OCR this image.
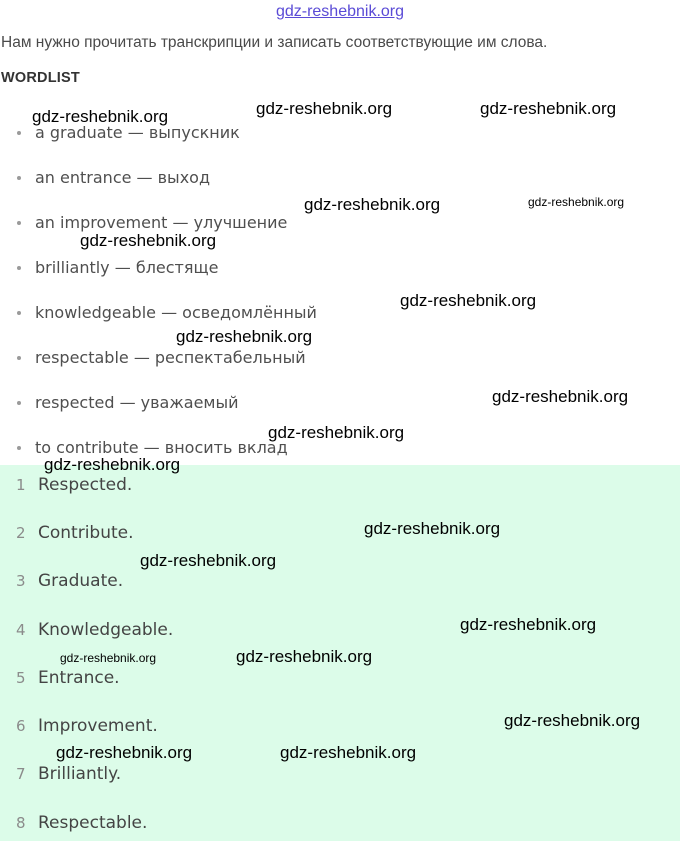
gdz-reshebnik.org
Нам нужно прочитать транскрипции и записать соответствующие им слова.
WORDLIST
a graduate — выпускник
an entrance — выход
an improvement — улучшение
brilliantly — блестяще
knowledgeable — осведомлённый
respectable — респектабельный
respected — уважаемый
to contribute — вносить вклад
1 Respected.
2 Contribute.
3 Graduate.
4 Knowledgeable.
5 Entrance.
6 Improvement.
7 Brilliantly.
8 Respectable.
gdz-reshebnik.org	gdz-reshebnik.org	gdz-reshebnik.org
gdz-reshebnik.org	gdz-reshebnik.org
gdz-reshebnik.org
gdz-reshebnik.org
gdz-reshebnik.org
gdz-reshebnik.org
gdz-reshebnik.org
gdz-reshebnik.org
gdz-reshebnik.org
gdz-reshebnik.org
gdz-reshebnik.org
gdz-reshebnik.org	gdz-reshebnik.org
gdz-reshebnik.org
gdz-reshebnik.org	gdz-reshebnik.org
